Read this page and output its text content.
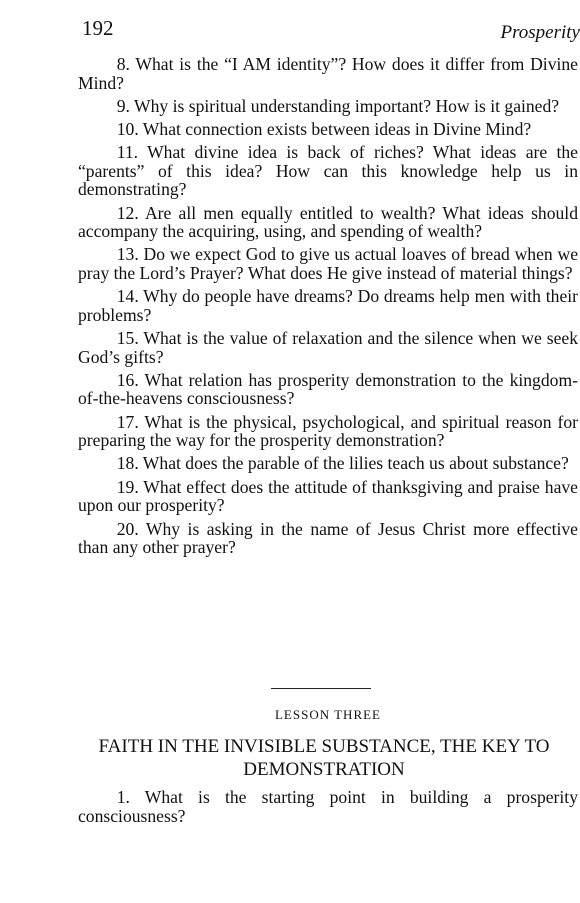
192	Prosperity

8. What is the “I AM identity”? How does it differ from Divine Mind?

9. Why is spiritual understanding important? How is it gained?

10. What connection exists between ideas in Divine Mind?

11. What divine idea is back of riches? What ideas are the “parents” of this idea? How can this knowledge help us in demonstrating?

12. Are all men equally entitled to wealth? What ideas should accompany the acquiring, using, and spending of wealth?

13. Do we expect God to give us actual loaves of bread when we pray the Lord’s Prayer? What does He give instead of material things?

14. Why do people have dreams? Do dreams help men with their problems?

15. What is the value of relaxation and the silence when we seek God’s gifts?

16. What relation has prosperity demonstration to the kingdom-of-the-heavens consciousness?

17. What is the physical, psychological, and spiritual reason for preparing the way for the prosperity demonstration?

18. What does the parable of the lilies teach us about substance?

19. What effect does the attitude of thanksgiving and praise have upon our prosperity?

20. Why is asking in the name of Jesus Christ more effective than any other prayer?

LESSON THREE
FAITH IN THE INVISIBLE SUBSTANCE, THE KEY TO DEMONSTRATION

1. What is the starting point in building a prosperity consciousness?
